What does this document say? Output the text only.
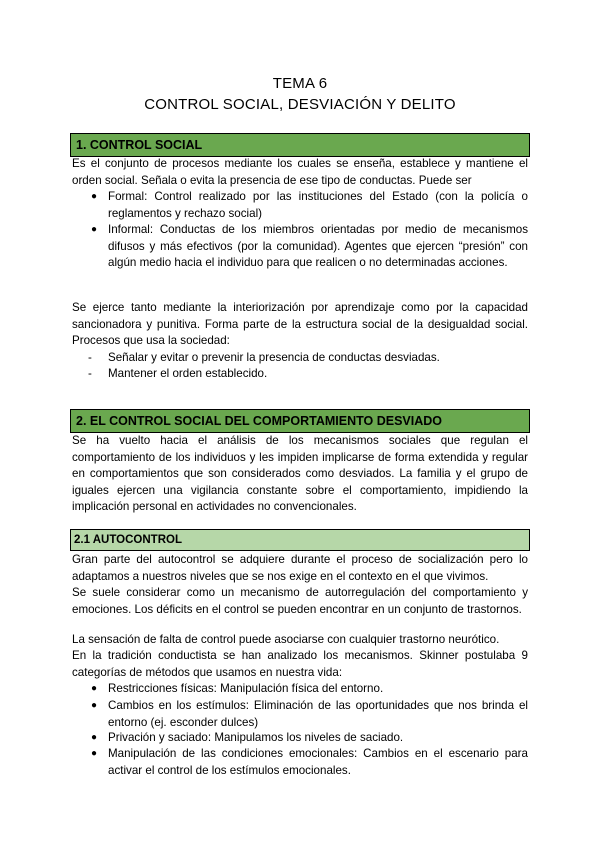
TEMA 6
CONTROL SOCIAL, DESVIACIÓN Y DELITO
1. CONTROL SOCIAL
Es el conjunto de procesos mediante los cuales se enseña, establece y mantiene el orden social. Señala o evita la presencia de ese tipo de conductas. Puede ser
● Formal: Control realizado por las instituciones del Estado (con la policía o reglamentos y rechazo social)
● Informal: Conductas de los miembros orientadas por medio de mecanismos difusos y más efectivos (por la comunidad). Agentes que ejercen “presión” con algún medio hacia el individuo para que realicen o no determinadas acciones.
Se ejerce tanto mediante la interiorización por aprendizaje como por la capacidad sancionadora y punitiva. Forma parte de la estructura social de la desigualdad social. Procesos que usa la sociedad:
- Señalar y evitar o prevenir la presencia de conductas desviadas.
- Mantener el orden establecido.
2. EL CONTROL SOCIAL DEL COMPORTAMIENTO DESVIADO
Se ha vuelto hacia el análisis de los mecanismos sociales que regulan el comportamiento de los individuos y les impiden implicarse de forma extendida y regular en comportamientos que son considerados como desviados. La familia y el grupo de iguales ejercen una vigilancia constante sobre el comportamiento, impidiendo la implicación personal en actividades no convencionales.
2.1 AUTOCONTROL
Gran parte del autocontrol se adquiere durante el proceso de socialización pero lo adaptamos a nuestros niveles que se nos exige en el contexto en el que vivimos.
Se suele considerar como un mecanismo de autorregulación del comportamiento y emociones. Los déficits en el control se pueden encontrar en un conjunto de trastornos.
La sensación de falta de control puede asociarse con cualquier trastorno neurótico.
En la tradición conductista se han analizado los mecanismos. Skinner postulaba 9 categorías de métodos que usamos en nuestra vida:
● Restricciones físicas: Manipulación física del entorno.
● Cambios en los estímulos: Eliminación de las oportunidades que nos brinda el entorno (ej. esconder dulces)
● Privación y saciado: Manipulamos los niveles de saciado.
● Manipulación de las condiciones emocionales: Cambios en el escenario para activar el control de los estímulos emocionales.
